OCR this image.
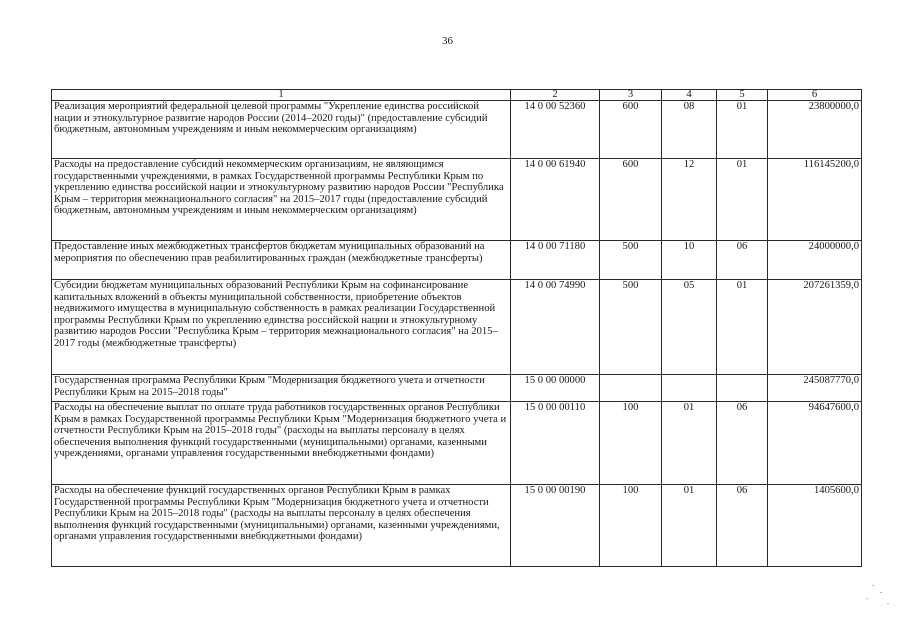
36
1	2	3	4	5	6
Реализация мероприятий федеральной целевой программы "Укрепление единства российской нации и этнокультурное развитие народов России (2014–2020 годы)" (предоставление субсидий бюджетным, автономным учреждениям и иным некоммерческим организациям)	14 0 00 52360	600	08	01	23800000,0
Расходы на предоставление субсидий некоммерческим организациям, не являющимся государственными учреждениями, в рамках Государственной программы Республики Крым по укреплению единства российской нации и этнокультурному развитию народов России "Республика Крым – территория межнационального согласия" на 2015–2017 годы (предоставление субсидий бюджетным, автономным учреждениям и иным некоммерческим организациям)	14 0 00 61940	600	12	01	116145200,0
Предоставление иных межбюджетных трансфертов бюджетам муниципальных образований на мероприятия по обеспечению прав реабилитированных граждан (межбюджетные трансферты)	14 0 00 71180	500	10	06	24000000,0
Субсидии бюджетам муниципальных образований Республики Крым на софинансирование капитальных вложений в объекты муниципальной собственности, приобретение объектов недвижимого имущества в муниципальную собственность в рамках реализации Государственной программы Республики Крым по укреплению единства российской нации и этнокультурному развитию народов России "Республика Крым – территория межнационального согласия" на 2015–2017 годы (межбюджетные трансферты)	14 0 00 74990	500	05	01	207261359,0
Государственная программа Республики Крым "Модернизация бюджетного учета и отчетности Республики Крым на 2015–2018 годы"	15 0 00 00000				245087770,0
Расходы на обеспечение выплат по оплате труда работников государственных органов Республики Крым в рамках Государственной программы Республики Крым "Модернизация бюджетного учета и отчетности Республики Крым на 2015–2018 годы" (расходы на выплаты персоналу в целях обеспечения выполнения функций государственными (муниципальными) органами, казенными учреждениями, органами управления государственными внебюджетными фондами)	15 0 00 00110	100	01	06	94647600,0
Расходы на обеспечение функций государственных органов Республики Крым в рамках Государственной программы Республики Крым "Модернизация бюджетного учета и отчетности Республики Крым на 2015–2018 годы" (расходы на выплаты персоналу в целях обеспечения выполнения функций государственными (муниципальными) органами, казенными учреждениями, органами управления государственными внебюджетными фондами)	15 0 00 00190	100	01	06	1405600,0
